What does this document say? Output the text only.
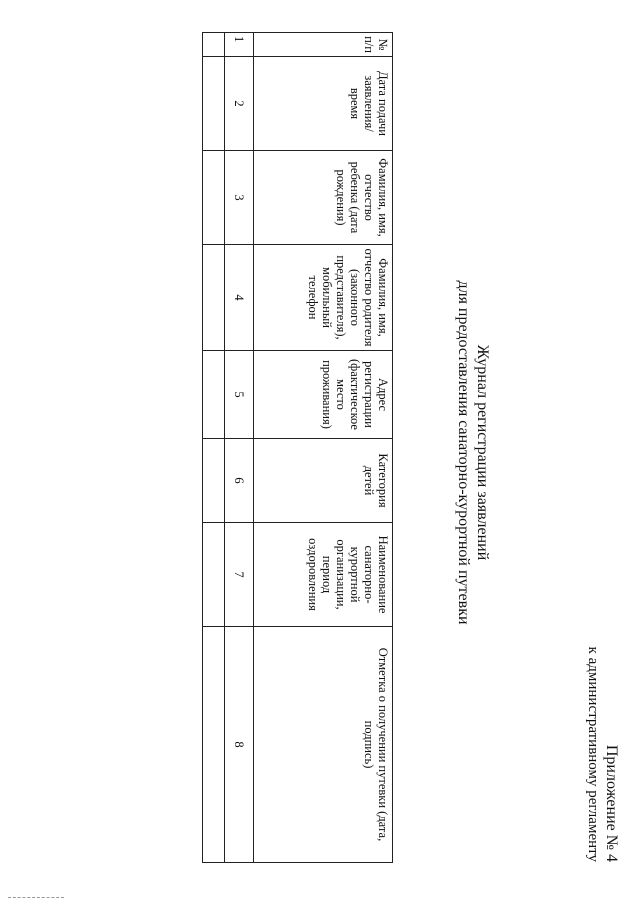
Приложение № 4
к административному регламенту
Журнал регистрации заявлений
для предоставления санаторно-курортной путевки
№ п/п	Дата подачи заявления/ время	Фамилия, имя, отчество ребенка (дата рождения)	Фамилия, имя, отчество родителя (законного представителя), мобильный телефон	Адрес регистрации (фактическое место проживания)	Категория детей	Наименование санаторно-курортной организации, период оздоровления	Отметка о получении путевки (дата, подпись)
1	2	3	4	5	6	7	8
